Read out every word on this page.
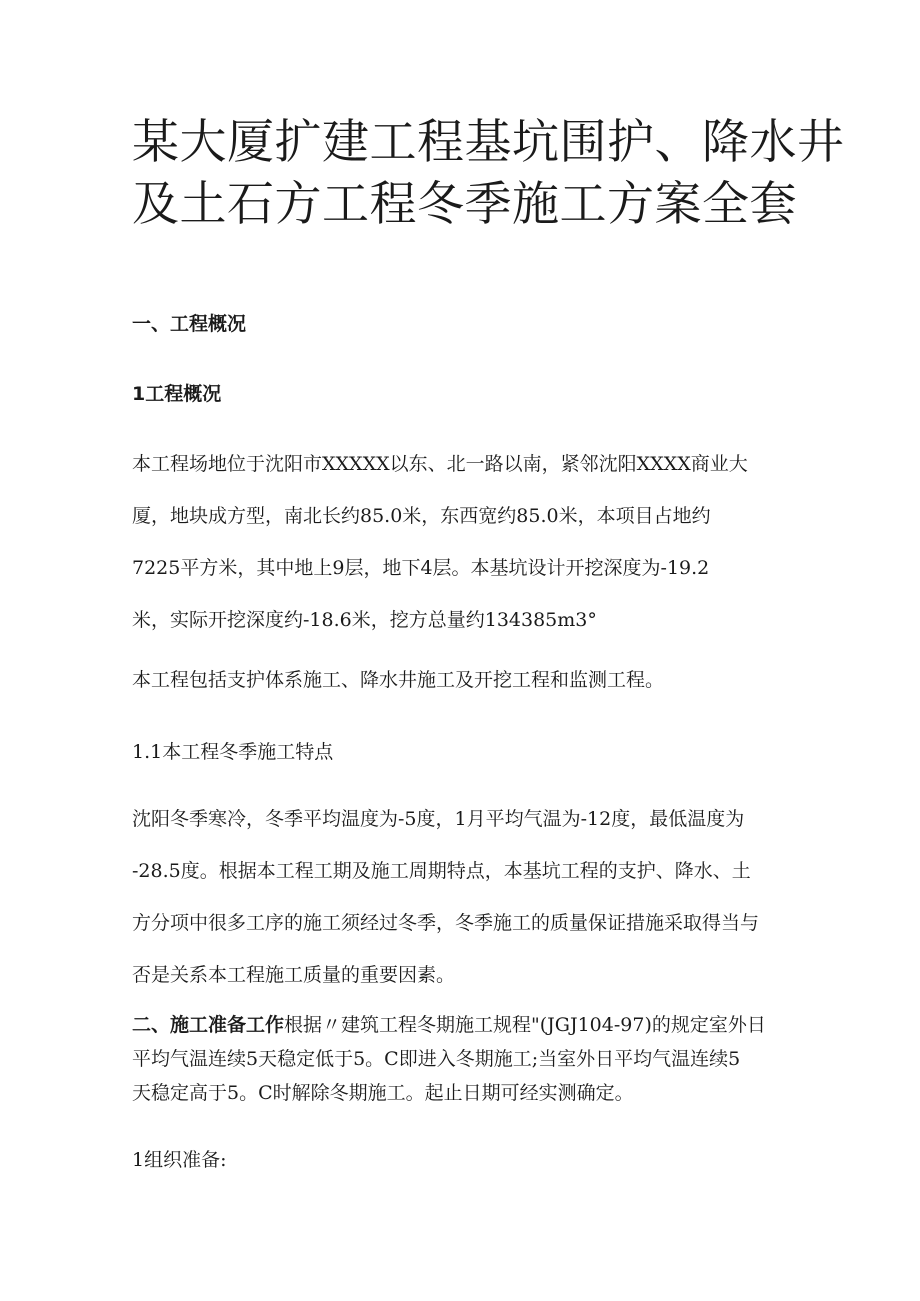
某大厦扩建工程基坑围护、降水井
及土石方工程冬季施工方案全套
一、工程概况
1工程概况
本工程场地位于沈阳市XXXXX以东、北一路以南，紧邻沈阳XXXX商业大
厦，地块成方型，南北长约85.0米，东西宽约85.0米，本项目占地约
7225平方米，其中地上9层，地下4层。本基坑设计开挖深度为-19.2
米，实际开挖深度约-18.6米，挖方总量约134385m3°

本工程包括支护体系施工、降水井施工及开挖工程和监测工程。

1.1本工程冬季施工特点

沈阳冬季寒冷，冬季平均温度为-5度，1月平均气温为-12度，最低温度为
-28.5度。根据本工程工期及施工周期特点，本基坑工程的支护、降水、土
方分项中很多工序的施工须经过冬季，冬季施工的质量保证措施采取得当与
否是关系本工程施工质量的重要因素。
二、施工准备工作根据〃建筑工程冬期施工规程"(JGJ104-97)的规定室外日
平均气温连续5天稳定低于5。C即进入冬期施工;当室外日平均气温连续5
天稳定高于5。C时解除冬期施工。起止日期可经实测确定。

1组织准备:
